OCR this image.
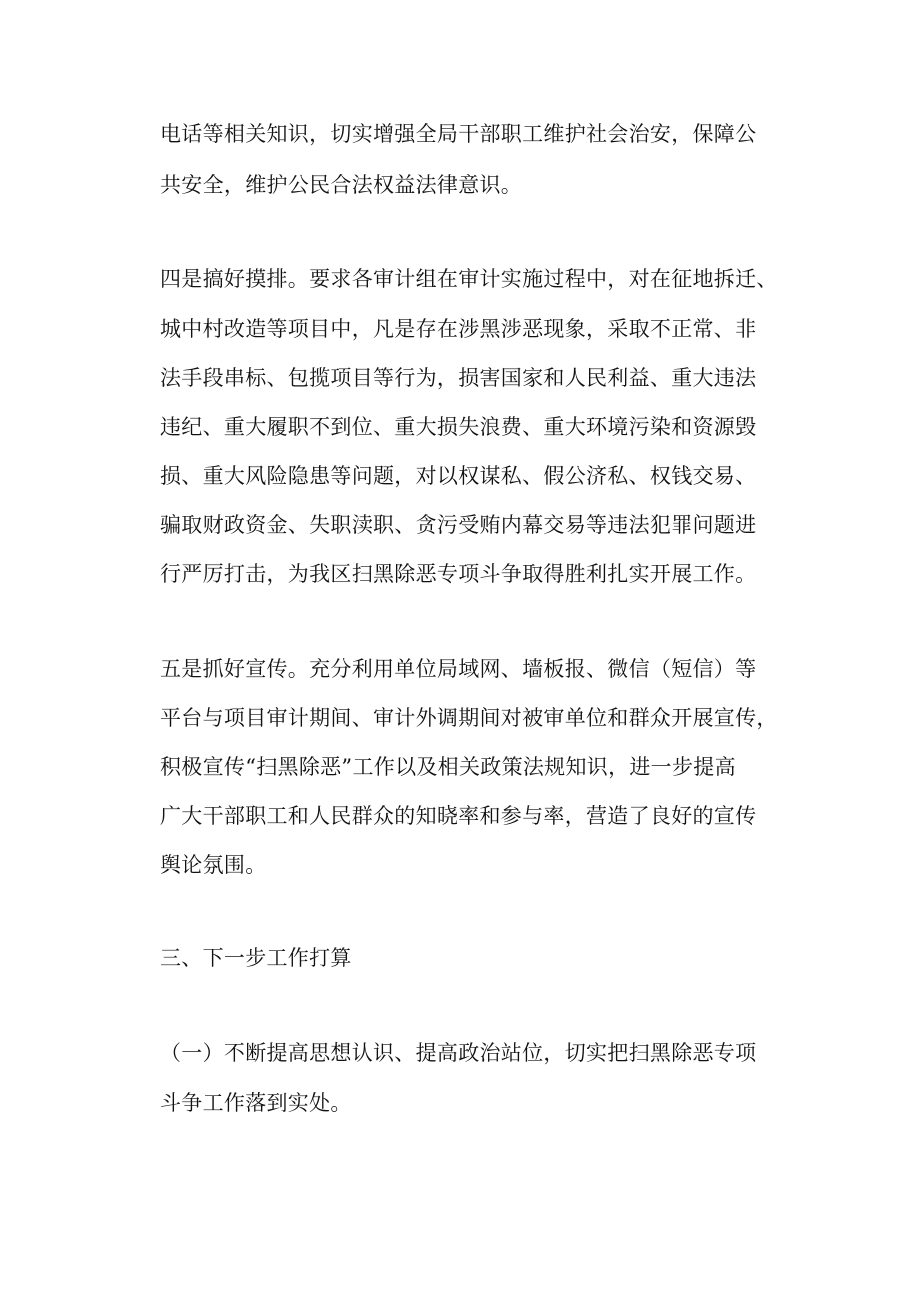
电话等相关知识，切实增强全局干部职工维护社会治安，保障公

共安全，维护公民合法权益法律意识。

四是搞好摸排。要求各审计组在审计实施过程中，对在征地拆迁、

城中村改造等项目中，凡是存在涉黑涉恶现象，采取不正常、非

法手段串标、包揽项目等行为，损害国家和人民利益、重大违法

违纪、重大履职不到位、重大损失浪费、重大环境污染和资源毁

损、重大风险隐患等问题，对以权谋私、假公济私、权钱交易、

骗取财政资金、失职渎职、贪污受贿内幕交易等违法犯罪问题进

行严厉打击，为我区扫黑除恶专项斗争取得胜利扎实开展工作。

五是抓好宣传。充分利用单位局域网、墙板报、微信（短信）等

平台与项目审计期间、审计外调期间对被审单位和群众开展宣传，

积极宣传“扫黑除恶”工作以及相关政策法规知识，进一步提高

广大干部职工和人民群众的知晓率和参与率，营造了良好的宣传

舆论氛围。

三、下一步工作打算

（一）不断提高思想认识、提高政治站位，切实把扫黑除恶专项

斗争工作落到实处。
